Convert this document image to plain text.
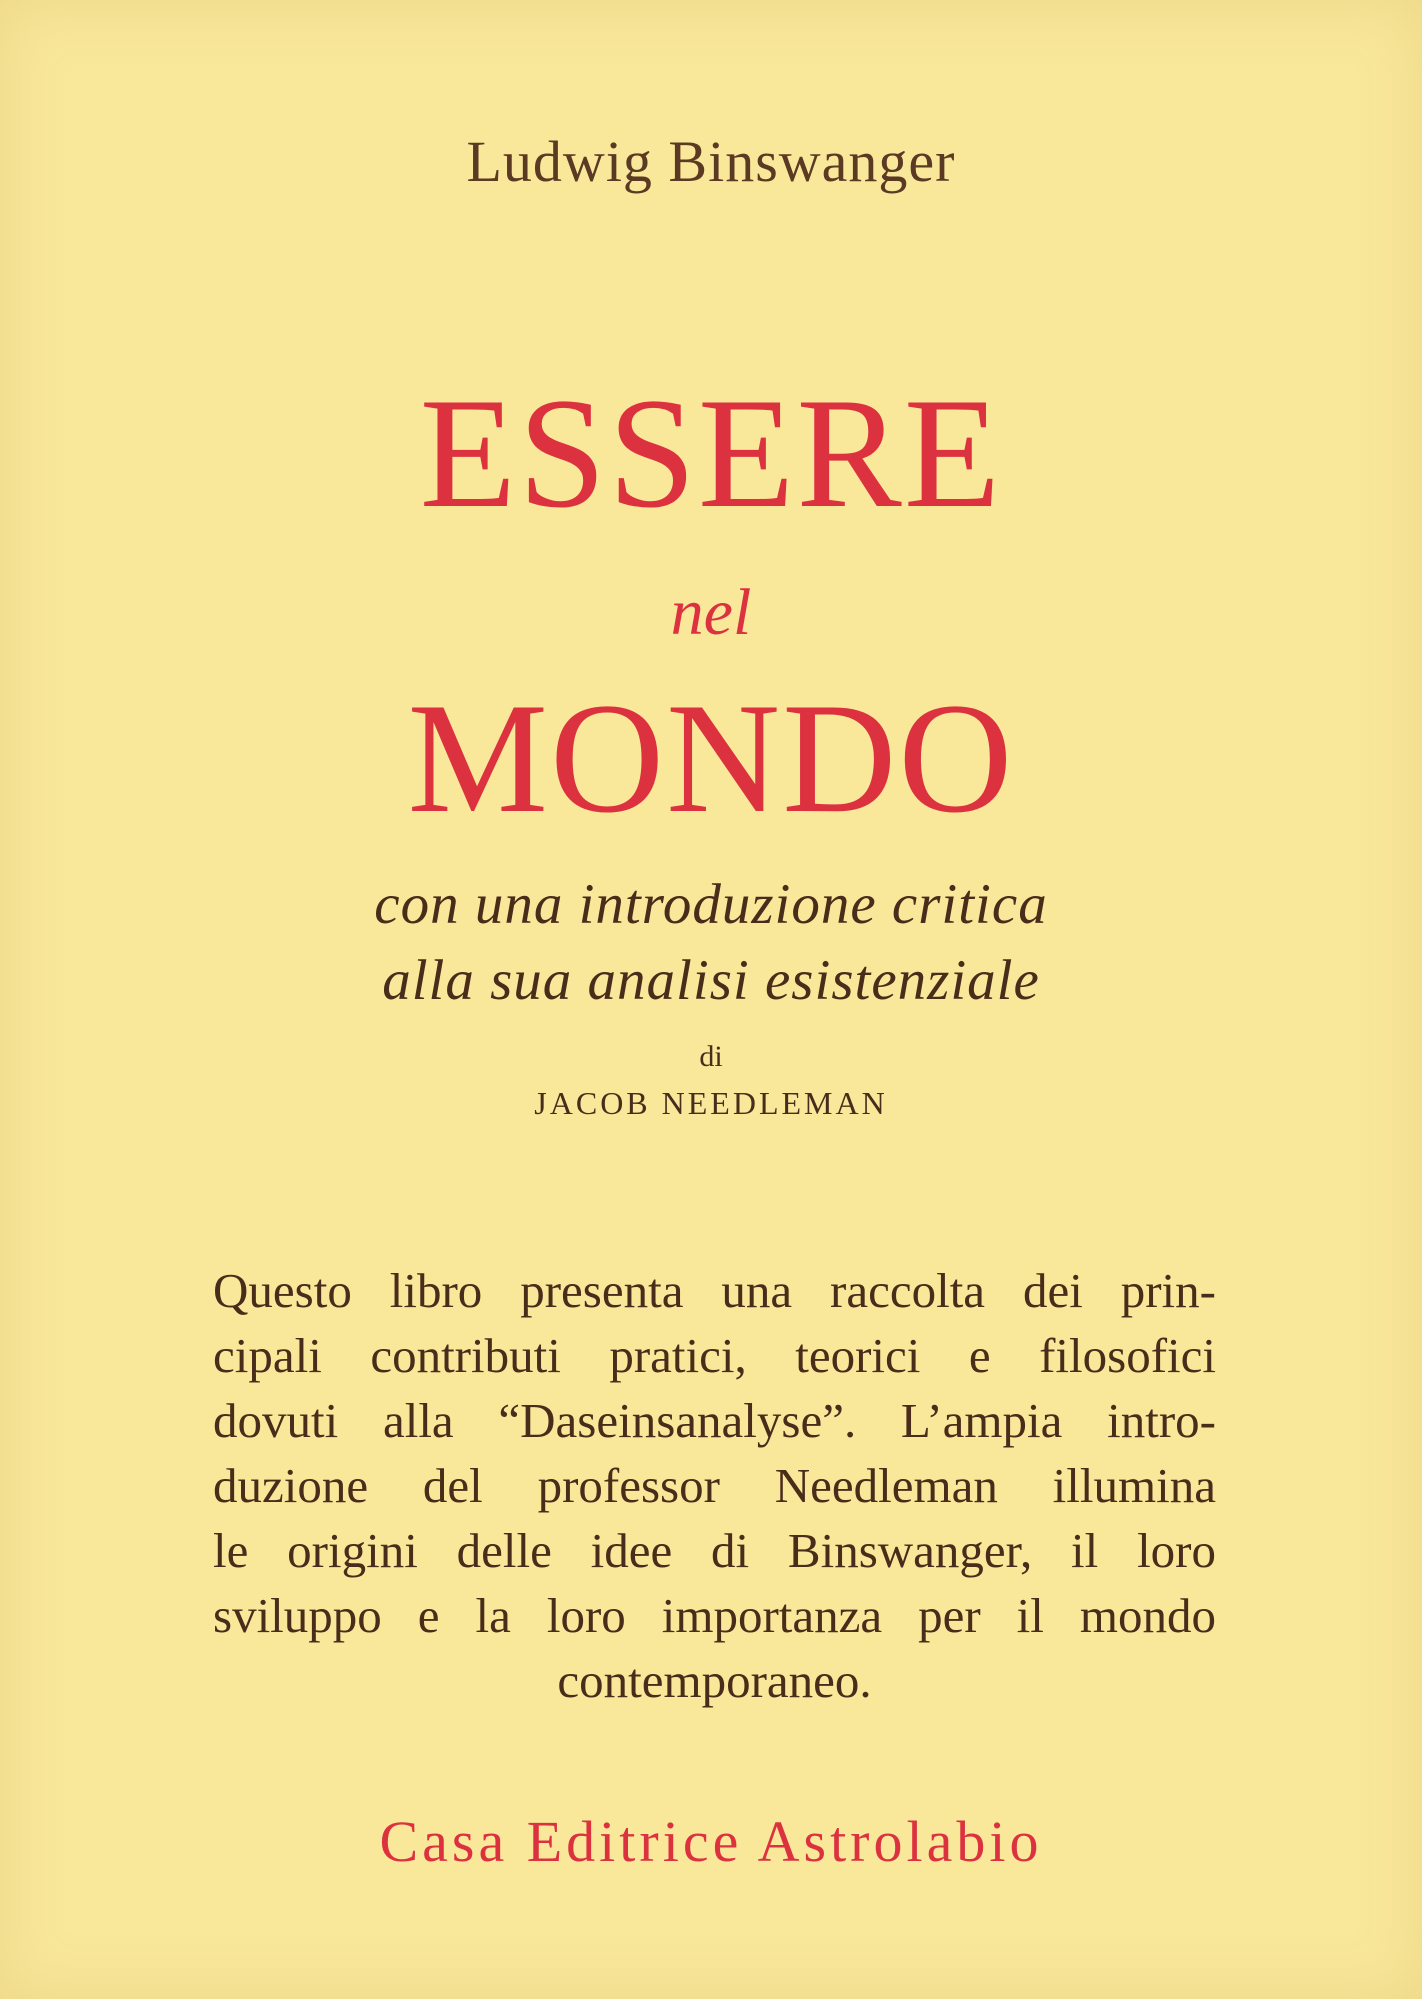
Ludwig Binswanger

ESSERE

nel

MONDO

con una introduzione critica

alla sua analisi esistenziale

di

JACOB NEEDLEMAN

Questo libro presenta una raccolta dei prin-
cipali contributi pratici, teorici e filosofici
dovuti alla “Daseinsanalyse”. L’ampia intro-
duzione del professor Needleman illumina
le origini delle idee di Binswanger, il loro
sviluppo e la loro importanza per il mondo
contemporaneo.

Casa Editrice Astrolabio
